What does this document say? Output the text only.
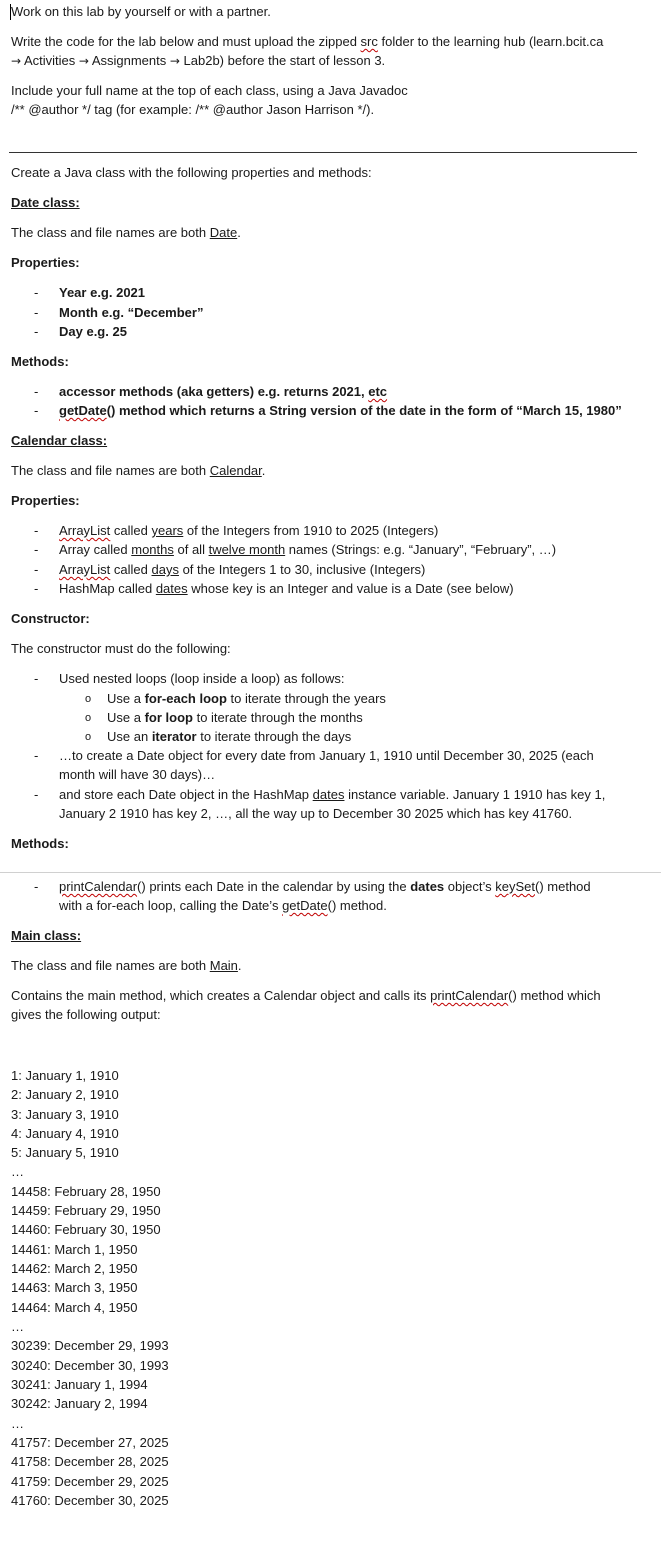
Work on this lab by yourself or with a partner.
Write the code for the lab below and must upload the zipped src folder to the learning hub (learn.bcit.ca
→ Activities → Assignments → Lab2b) before the start of lesson 3.
Include your full name at the top of each class, using a Java Javadoc
/** @author */ tag (for example: /** @author Jason Harrison */).
Create a Java class with the following properties and methods:
Date class:
The class and file names are both Date.
Properties:
- Year e.g. 2021
- Month e.g. “December”
- Day e.g. 25
Methods:
- accessor methods (aka getters) e.g. returns 2021, etc
- getDate() method which returns a String version of the date in the form of “March 15, 1980”
Calendar class:
The class and file names are both Calendar.
Properties:
- ArrayList called years of the Integers from 1910 to 2025 (Integers)
- Array called months of all twelve month names (Strings: e.g. “January”, “February”, …)
- ArrayList called days of the Integers 1 to 30, inclusive (Integers)
- HashMap called dates whose key is an Integer and value is a Date (see below)
Constructor:
The constructor must do the following:
- Used nested loops (loop inside a loop) as follows:
o Use a for-each loop to iterate through the years
o Use a for loop to iterate through the months
o Use an iterator to iterate through the days
- …to create a Date object for every date from January 1, 1910 until December 30, 2025 (each
month will have 30 days)…
- and store each Date object in the HashMap dates instance variable. January 1 1910 has key 1,
January 2 1910 has key 2, …, all the way up to December 30 2025 which has key 41760.
Methods:
- printCalendar() prints each Date in the calendar by using the dates object’s keySet() method
with a for-each loop, calling the Date’s getDate() method.
Main class:
The class and file names are both Main.
Contains the main method, which creates a Calendar object and calls its printCalendar() method which
gives the following output:
1: January 1, 1910
2: January 2, 1910
3: January 3, 1910
4: January 4, 1910
5: January 5, 1910
…
14458: February 28, 1950
14459: February 29, 1950
14460: February 30, 1950
14461: March 1, 1950
14462: March 2, 1950
14463: March 3, 1950
14464: March 4, 1950
…
30239: December 29, 1993
30240: December 30, 1993
30241: January 1, 1994
30242: January 2, 1994
…
41757: December 27, 2025
41758: December 28, 2025
41759: December 29, 2025
41760: December 30, 2025
